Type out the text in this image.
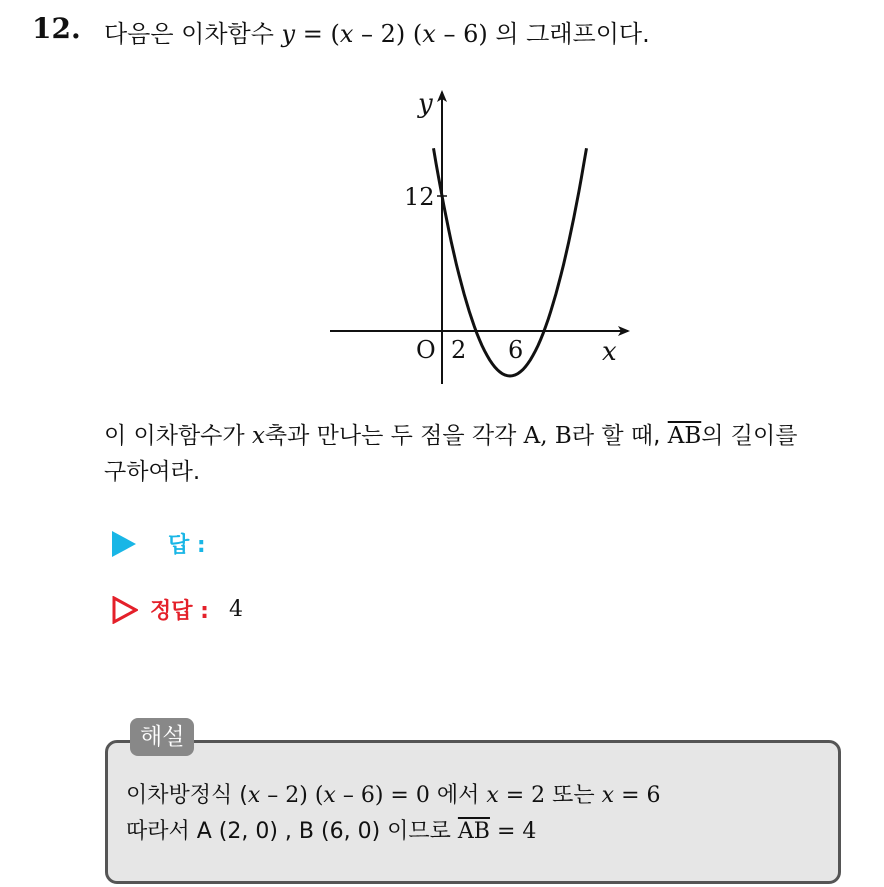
12. 다음은 이차함수 y = (x – 2) (x – 6) 의 그래프이다.
y
x
O
12
2 6
이 이차함수가 x축과 만나는 두 점을 각각 A, B라 할 때, $\overline{AB}$의 길이를
구하여라.
답 :
정답 : 4
해설
이차방정식 (x – 2) (x – 6) = 0 에서 x = 2 또는 x = 6
따라서 A (2, 0) , B (6, 0) 이므로 $\overline{AB} = 4$
